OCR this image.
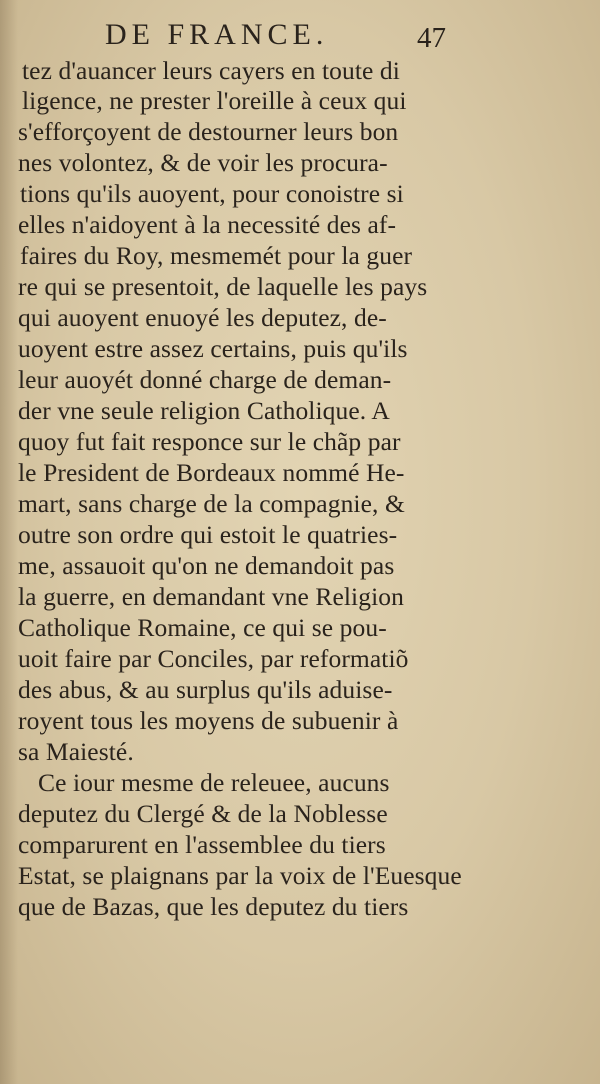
DE FRANCE.	47
tez d'auancer leurs cayers en toute di
ligence, ne prester l'oreille à ceux qui
s'efforçoyent de destourner leurs bon
nes volontez, & de voir les procura-
tions qu'ils auoyent, pour conoistre si
elles n'aidoyent à la necessité des af-
faires du Roy, mesmemét pour la guer
re qui se presentoit, de laquelle les pays
qui auoyent enuoyé les deputez, de-
uoyent estre assez certains, puis qu'ils
leur auoyét donné charge de deman-
der vne seule religion Catholique. A
quoy fut fait responce sur le chãp par
le President de Bordeaux nommé He-
mart, sans charge de la compagnie, &
outre son ordre qui estoit le quatries-
me, assauoit qu'on ne demandoit pas
la guerre, en demandant vne Religion
Catholique Romaine, ce qui se pou-
uoit faire par Conciles, par reformatiõ
des abus, & au surplus qu'ils aduise-
royent tous les moyens de subuenir à
sa Maiesté.
Ce iour mesme de releuee, aucuns
deputez du Clergé & de la Noblesse
comparurent en l'assemblee du tiers
Estat, se plaignans par la voix de l'Euesque
que de Bazas, que les deputez du tiers
